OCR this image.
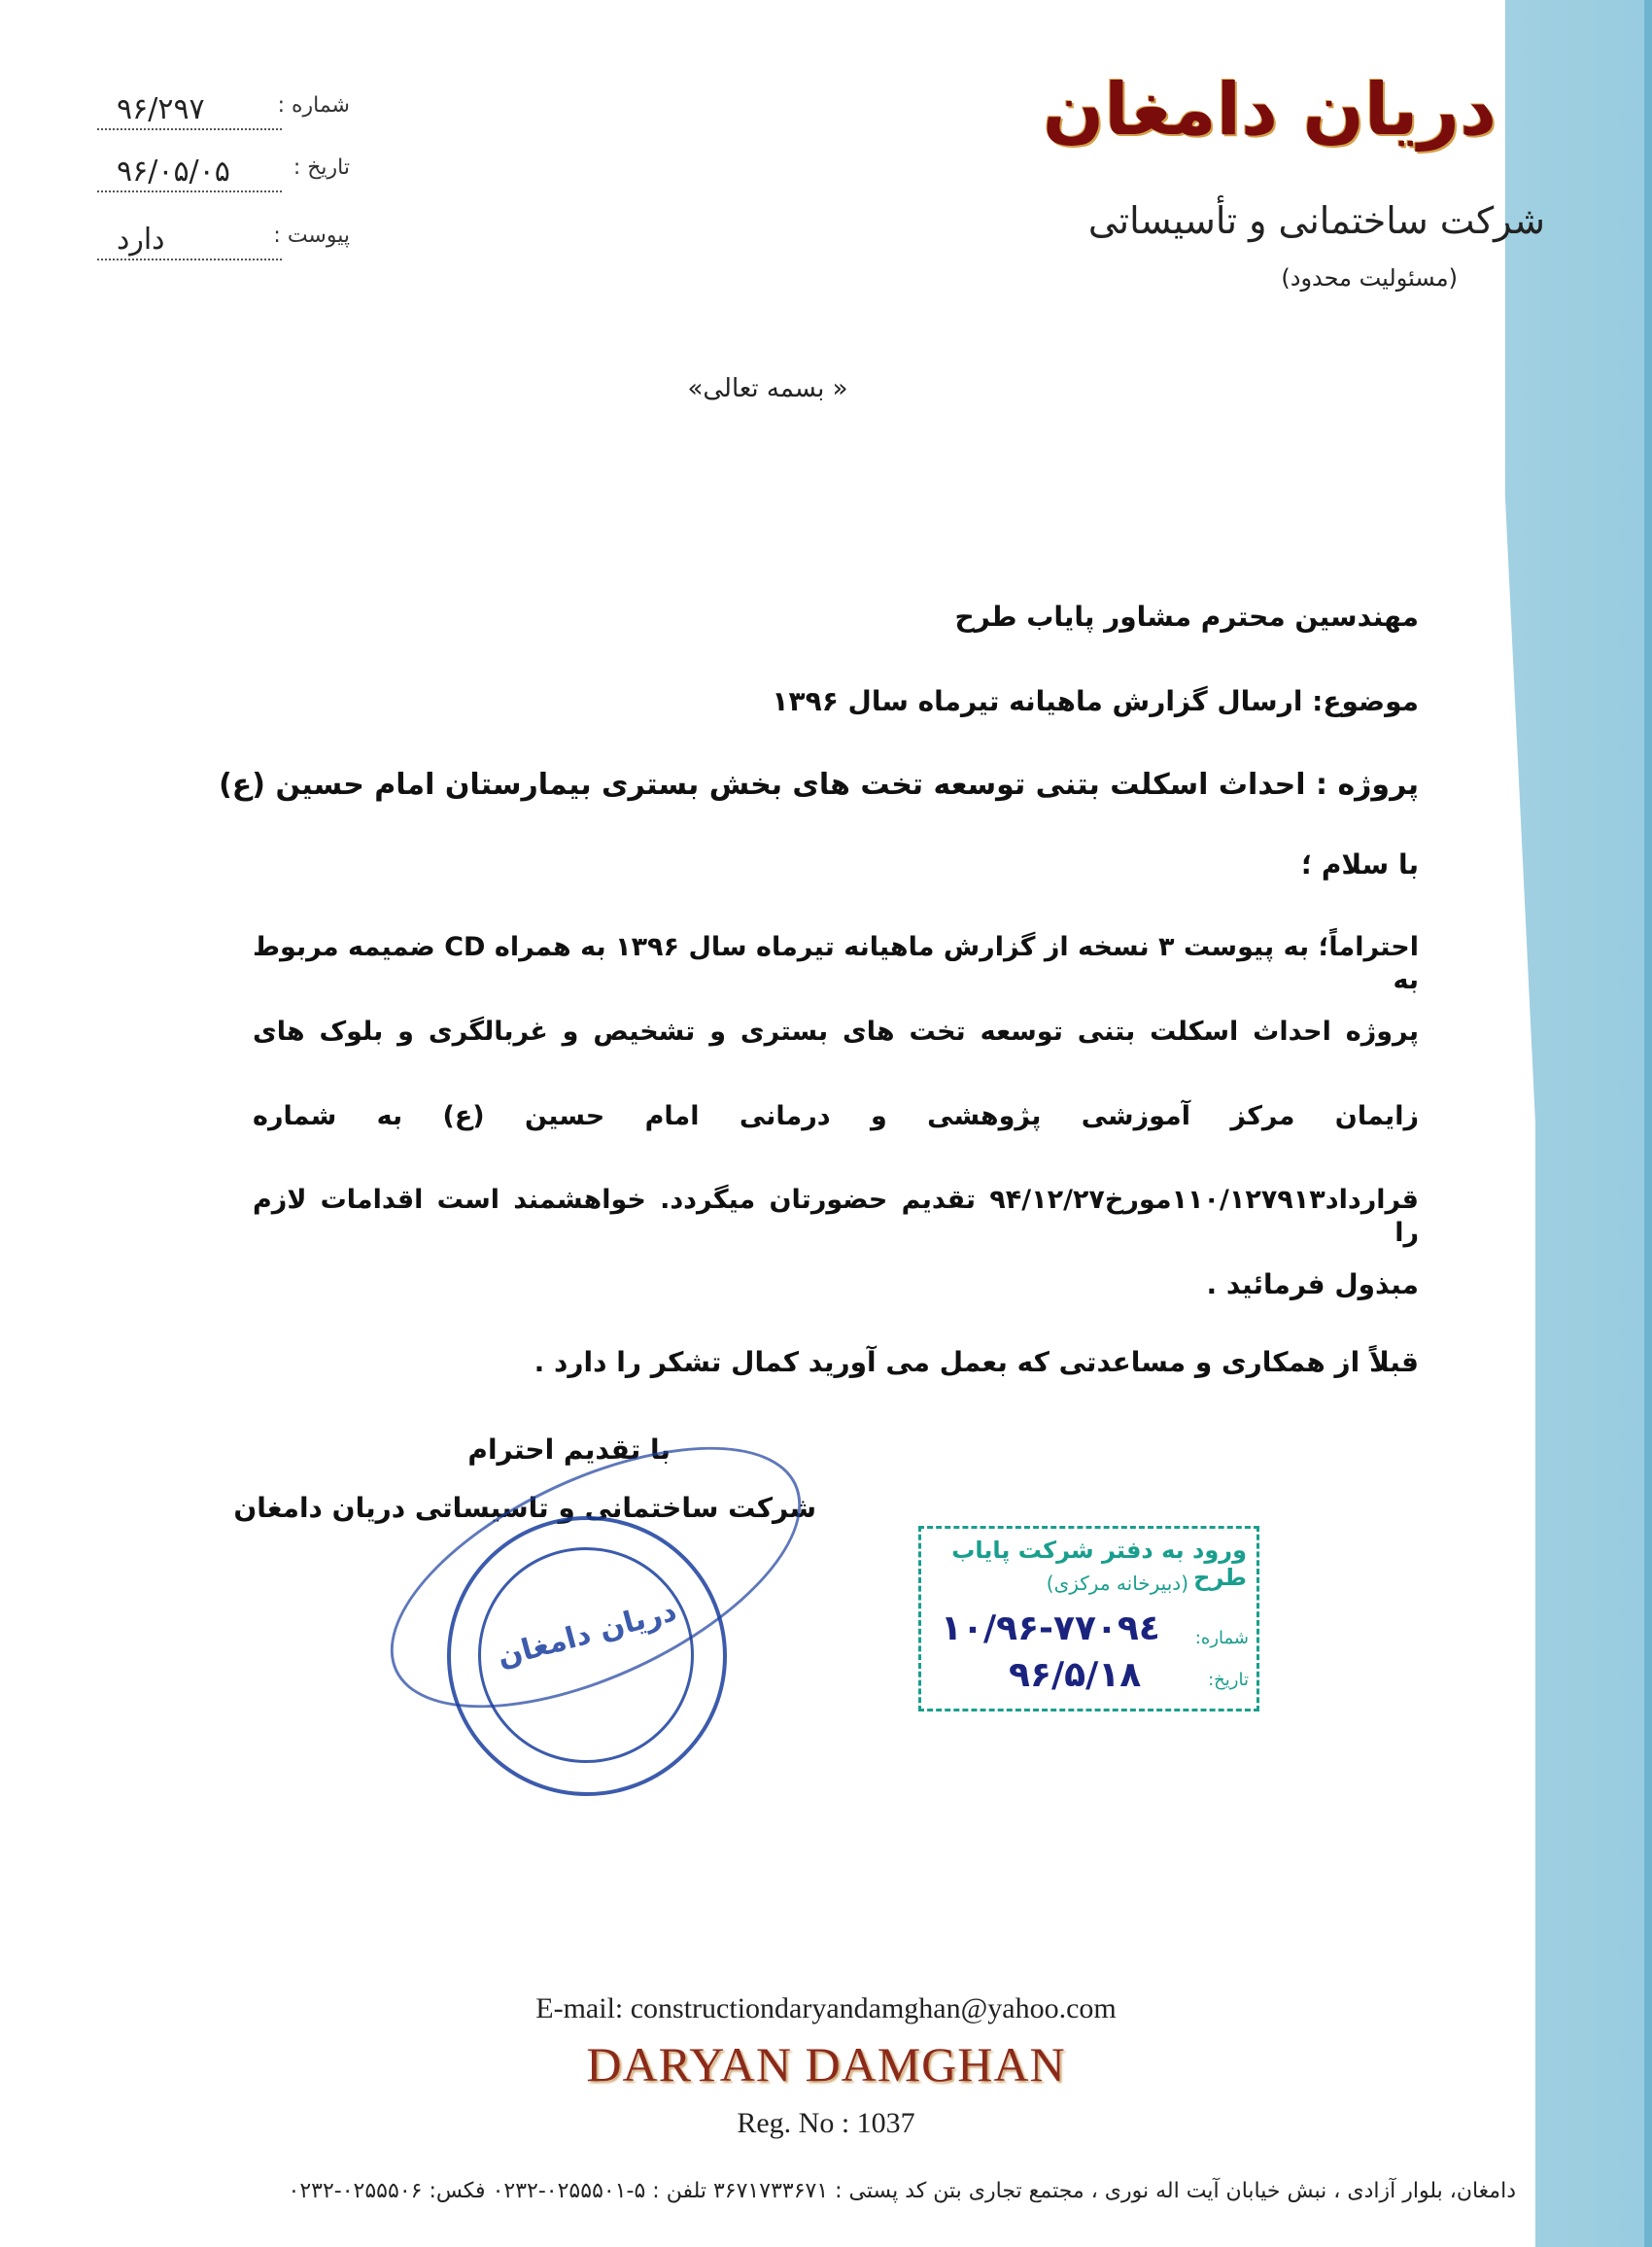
دریان دامغان
شرکت ساختمانی و تأسیساتی
(مسئولیت محدود)
شماره :
۹۶/۲۹۷
تاریخ :
۹۶/۰۵/۰۵
پیوست :
دارد
« بسمه تعالی»
مهندسین محترم مشاور پایاب طرح
موضوع: ارسال گزارش ماهیانه تیرماه سال ۱۳۹۶
پروژه : احداث اسکلت بتنی توسعه تخت های بخش بستری بیمارستان امام حسین (ع)
با سلام ؛
احتراماً؛ به پیوست ۳ نسخه از گزارش ماهیانه تیرماه سال ۱۳۹۶ به همراه CD ضمیمه مربوط به
پروژه احداث اسکلت بتنی توسعه تخت های بستری و تشخیص و غربالگری و بلوک های
زایمان مرکز آموزشی پژوهشی و درمانی امام حسین (ع) به شماره
قرارداد۱۱۰/۱۲۷۹۱۳مورخ۹۴/۱۲/۲۷ تقدیم حضورتان میگردد. خواهشمند است اقدامات لازم را
مبذول فرمائید .
قبلاً از همکاری و مساعدتی که بعمل می آورید کمال تشکر را دارد .
با تقدیم احترام
شرکت ساختمانی و تاسیساتی دریان دامغان
دریان دامغان
ورود به دفتر شرکت پایاب طرح
(دبیرخانه مرکزی)
شماره:
تاریخ:
۱۰/۹۶-۷۷۰۹٤
۹۶/۵/۱۸
E-mail: constructiondaryandamghan@yahoo.com
DARYAN DAMGHAN
Reg. No : 1037
دامغان، بلوار آزادی ، نبش خیابان آیت اله نوری ، مجتمع تجاری بتن کد پستی : ۳۶۷۱۷۳۳۶۷۱ تلفن : ۵-۰۲۵۵۵۰۱-۰۲۳۲ فکس: ۰۲۵۵۵۰۶-۰۲۳۲
